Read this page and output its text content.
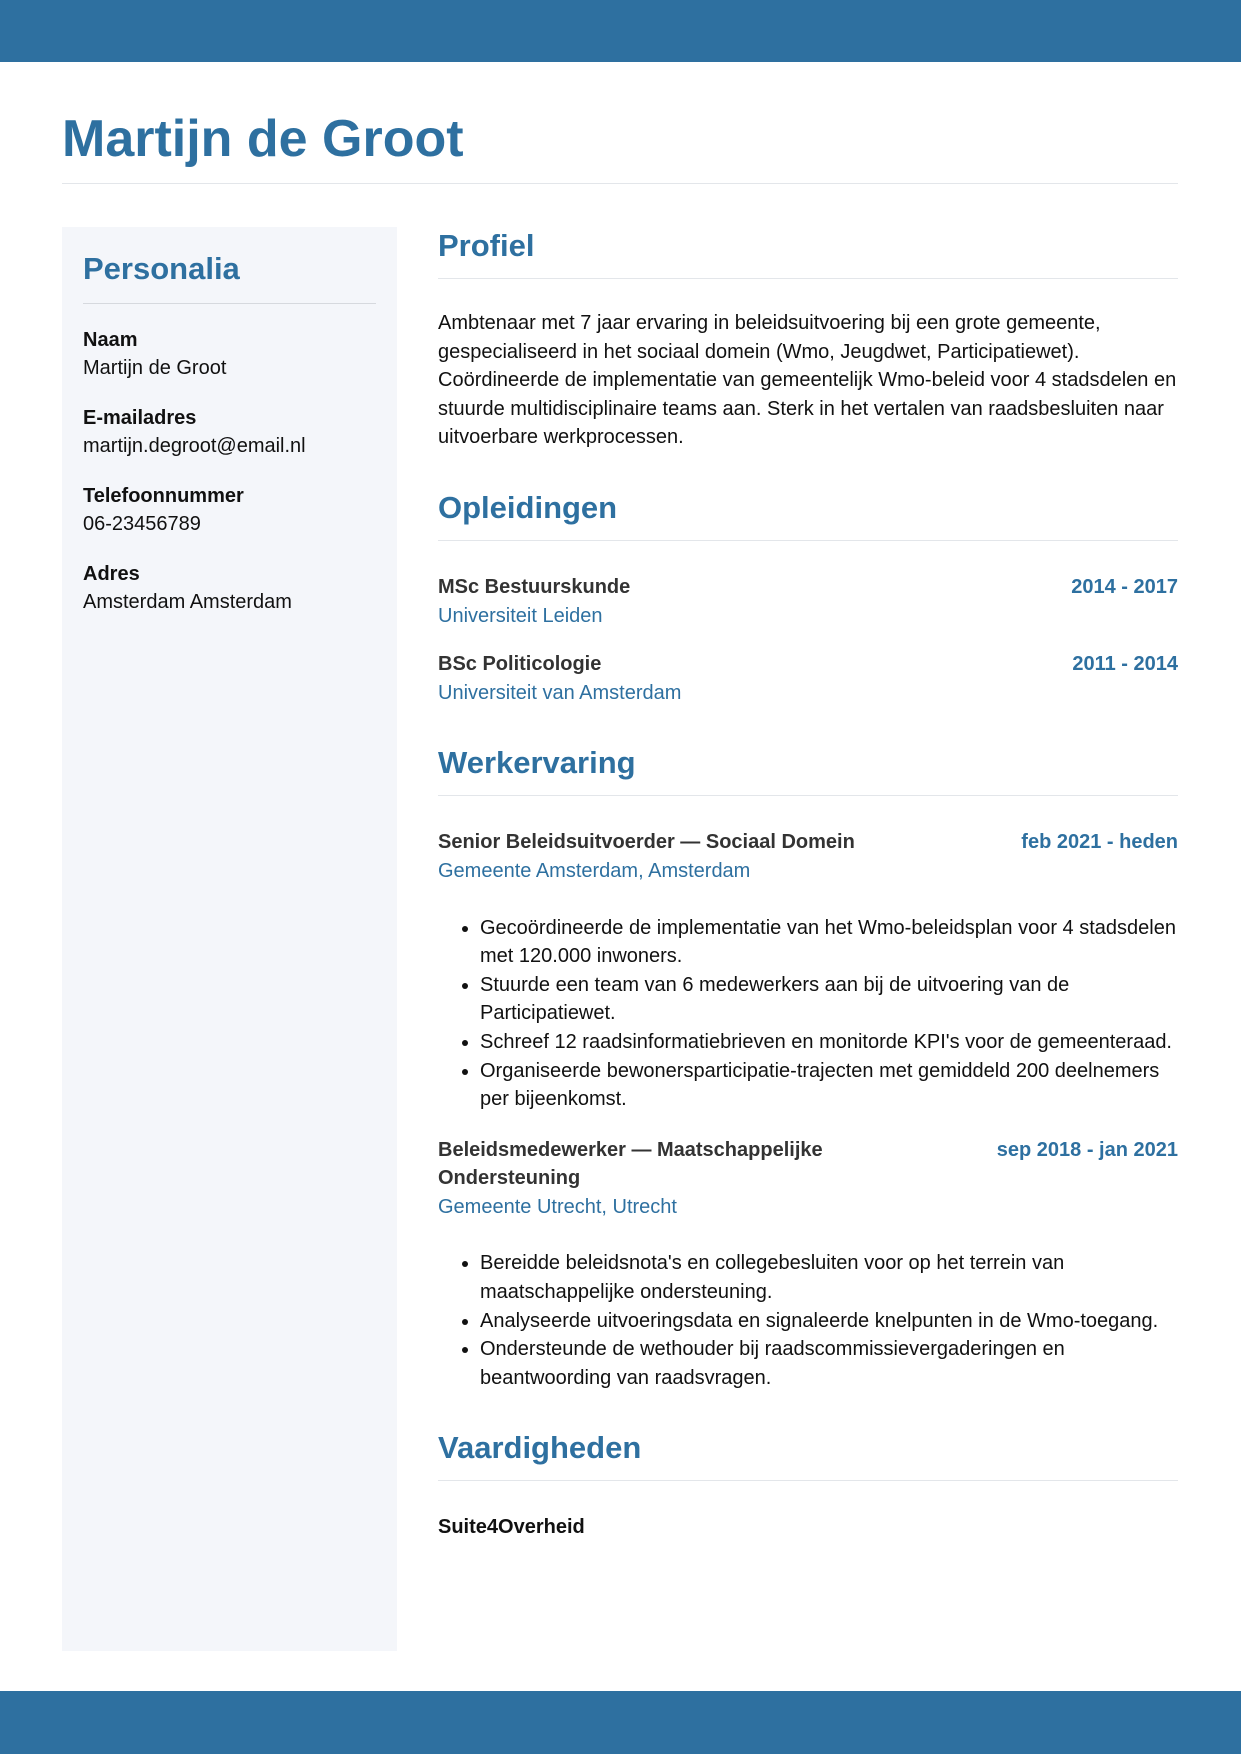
Martijn de Groot
Personalia
Naam
Martijn de Groot
E-mailadres
martijn.degroot@email.nl
Telefoonnummer
06-23456789
Adres
Amsterdam Amsterdam
Profiel

Ambtenaar met 7 jaar ervaring in beleidsuitvoering bij een grote gemeente, gespecialiseerd in het sociaal domein (Wmo, Jeugdwet, Participatiewet). Coördineerde de implementatie van gemeentelijk Wmo-beleid voor 4 stadsdelen en stuurde multidisciplinaire teams aan. Sterk in het vertalen van raadsbesluiten naar uitvoerbare werkprocessen.

Opleidingen
MSc Bestuurskunde	2014 - 2017
Universiteit Leiden
BSc Politicologie	2011 - 2014
Universiteit van Amsterdam
Werkervaring
Senior Beleidsuitvoerder — Sociaal Domein	feb 2021 - heden
Gemeente Amsterdam, Amsterdam
• Gecoördineerde de implementatie van het Wmo-beleidsplan voor 4 stadsdelen met 120.000 inwoners.
• Stuurde een team van 6 medewerkers aan bij de uitvoering van de Participatiewet.
• Schreef 12 raadsinformatiebrieven en monitorde KPI's voor de gemeenteraad.
• Organiseerde bewonersparticipatie-trajecten met gemiddeld 200 deelnemers per bijeenkomst.
Beleidsmedewerker — Maatschappelijke Ondersteuning
sep 2018 - jan 2021
Gemeente Utrecht, Utrecht
• Bereidde beleidsnota's en collegebesluiten voor op het terrein van maatschappelijke ondersteuning.
• Analyseerde uitvoeringsdata en signaleerde knelpunten in de Wmo-toegang.
• Ondersteunde de wethouder bij raadscommissievergaderingen en beantwoording van raadsvragen.
Vaardigheden
Suite4Overheid
